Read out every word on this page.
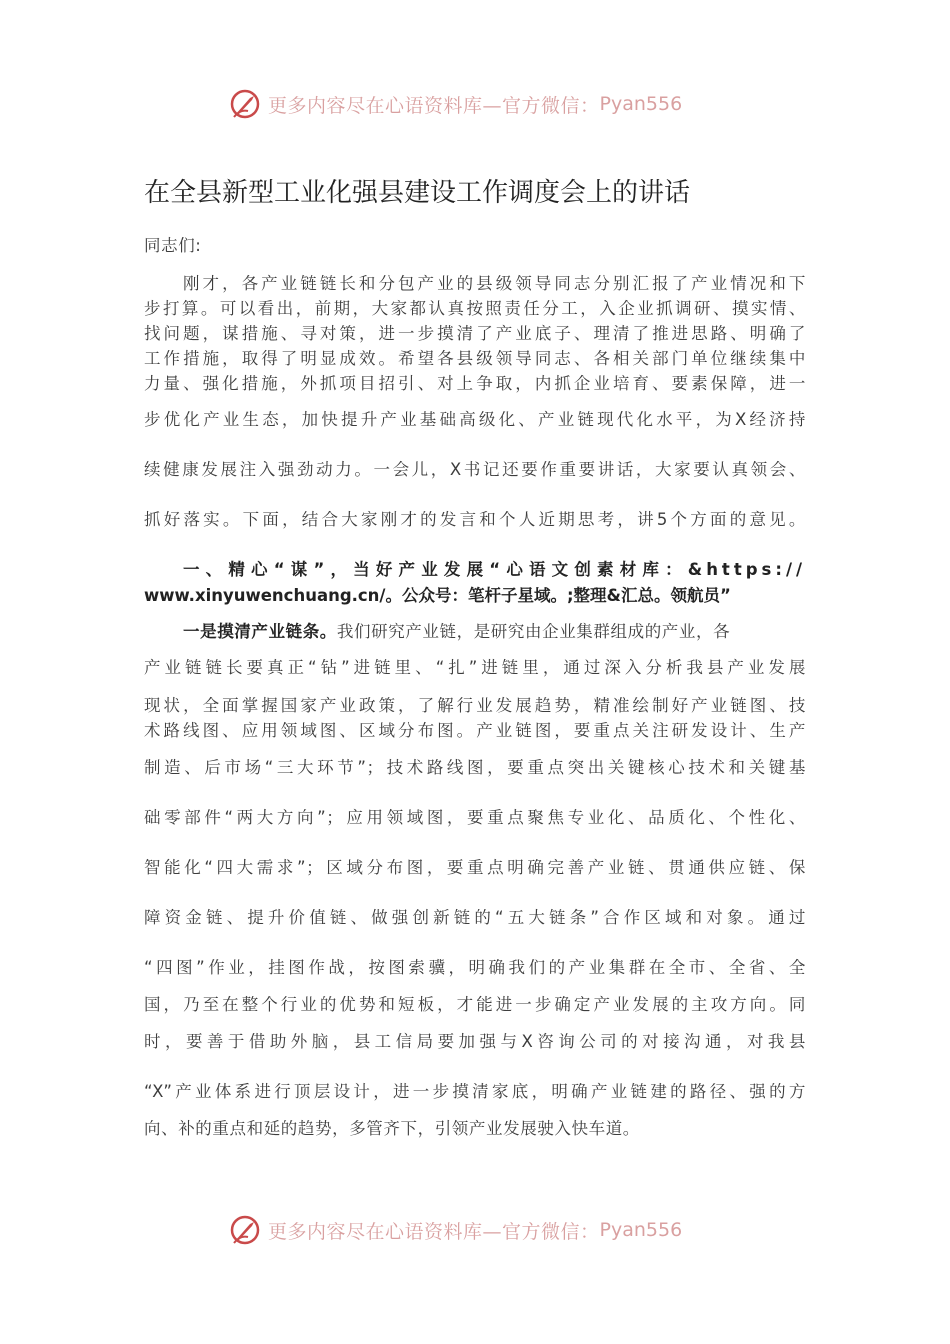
更多内容尽在心语资料库—官方微信： Pyan556
在全县新型工业化强县建设工作调度会上的讲话
同志们:
刚才，各产业链链长和分包产业的县级领导同志分别汇报了产业情况和下
步打算。可以看出，前期，大家都认真按照责任分工，入企业抓调研、摸实情、
找问题，谋措施、寻对策，进一步摸清了产业底子、理清了推进思路、明确了
工作措施，取得了明显成效。希望各县级领导同志、各相关部门单位继续集中
力量、强化措施，外抓项目招引、对上争取，内抓企业培育、要素保障，进一
步优化产业生态，加快提升产业基础高级化、产业链现代化水平，为X经济持
续健康发展注入强劲动力。一会儿，X书记还要作重要讲话，大家要认真领会、
抓好落实。下面，结合大家刚才的发言和个人近期思考，讲5个方面的意见。
一、精心“谋”，当好产业发展“心语文创素材库：&https://
www.xinyuwenchuang.cn/。公众号：笔杆子星域。;整理&汇总。领航员”
一是摸清产业链条。我们研究产业链，是研究由企业集群组成的产业，各
产业链链长要真正“钻”进链里、“扎”进链里，通过深入分析我县产业发展
现状，全面掌握国家产业政策，了解行业发展趋势，精准绘制好产业链图、技
术路线图、应用领域图、区域分布图。产业链图，要重点关注研发设计、生产
制造、后市场“三大环节”；技术路线图，要重点突出关键核心技术和关键基
础零部件“两大方向”；应用领域图，要重点聚焦专业化、品质化、个性化、
智能化“四大需求”；区域分布图，要重点明确完善产业链、贯通供应链、保
障资金链、提升价值链、做强创新链的“五大链条”合作区域和对象。通过
“四图”作业，挂图作战，按图索骥，明确我们的产业集群在全市、全省、全
国，乃至在整个行业的优势和短板，才能进一步确定产业发展的主攻方向。同
时，要善于借助外脑，县工信局要加强与X咨询公司的对接沟通，对我县
“X”产业体系进行顶层设计，进一步摸清家底，明确产业链建的路径、强的方
向、补的重点和延的趋势，多管齐下，引领产业发展驶入快车道。
更多内容尽在心语资料库—官方微信： Pyan556
